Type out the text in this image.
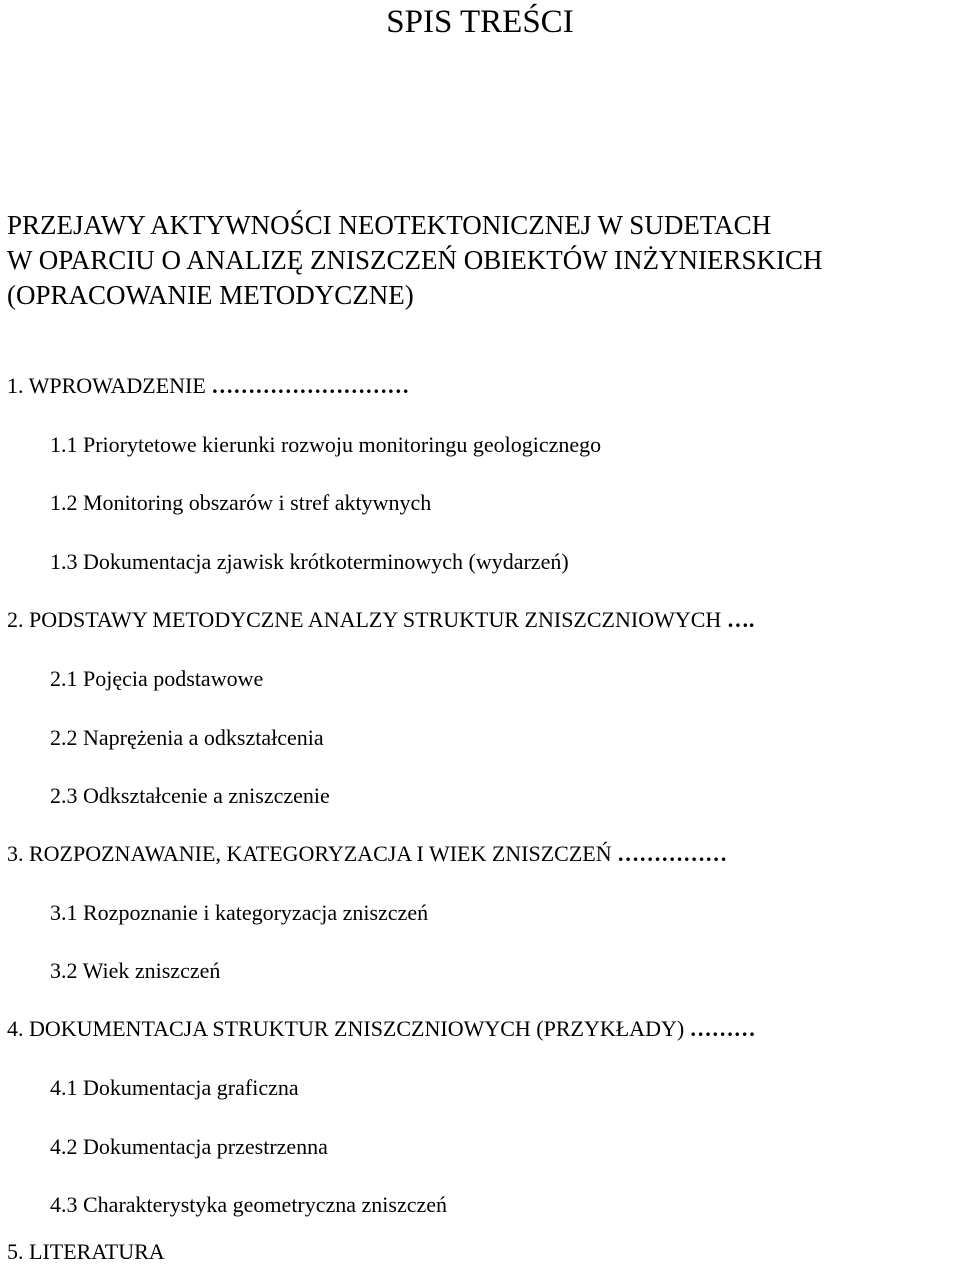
SPIS TREŚCI
PRZEJAWY AKTYWNOŚCI NEOTEKTONICZNEJ W SUDETACH
W OPARCIU O ANALIZĘ ZNISZCZEŃ OBIEKTÓW INŻYNIERSKICH
(OPRACOWANIE METODYCZNE)
1. WPROWADZENIE ………………………
1.1 Priorytetowe kierunki rozwoju monitoringu geologicznego
1.2 Monitoring obszarów i stref aktywnych
1.3 Dokumentacja zjawisk krótkoterminowych (wydarzeń)
2. PODSTAWY METODYCZNE ANALZY STRUKTUR ZNISZCZNIOWYCH ….
2.1 Pojęcia podstawowe
2.2 Naprężenia a odkształcenia
2.3 Odkształcenie a zniszczenie
3. ROZPOZNAWANIE, KATEGORYZACJA I WIEK ZNISZCZEŃ ……………
3.1 Rozpoznanie i kategoryzacja zniszczeń
3.2 Wiek zniszczeń
4. DOKUMENTACJA STRUKTUR ZNISZCZNIOWYCH (PRZYKŁADY) ………
4.1 Dokumentacja graficzna
4.2 Dokumentacja przestrzenna
4.3 Charakterystyka geometryczna zniszczeń
5. LITERATURA
